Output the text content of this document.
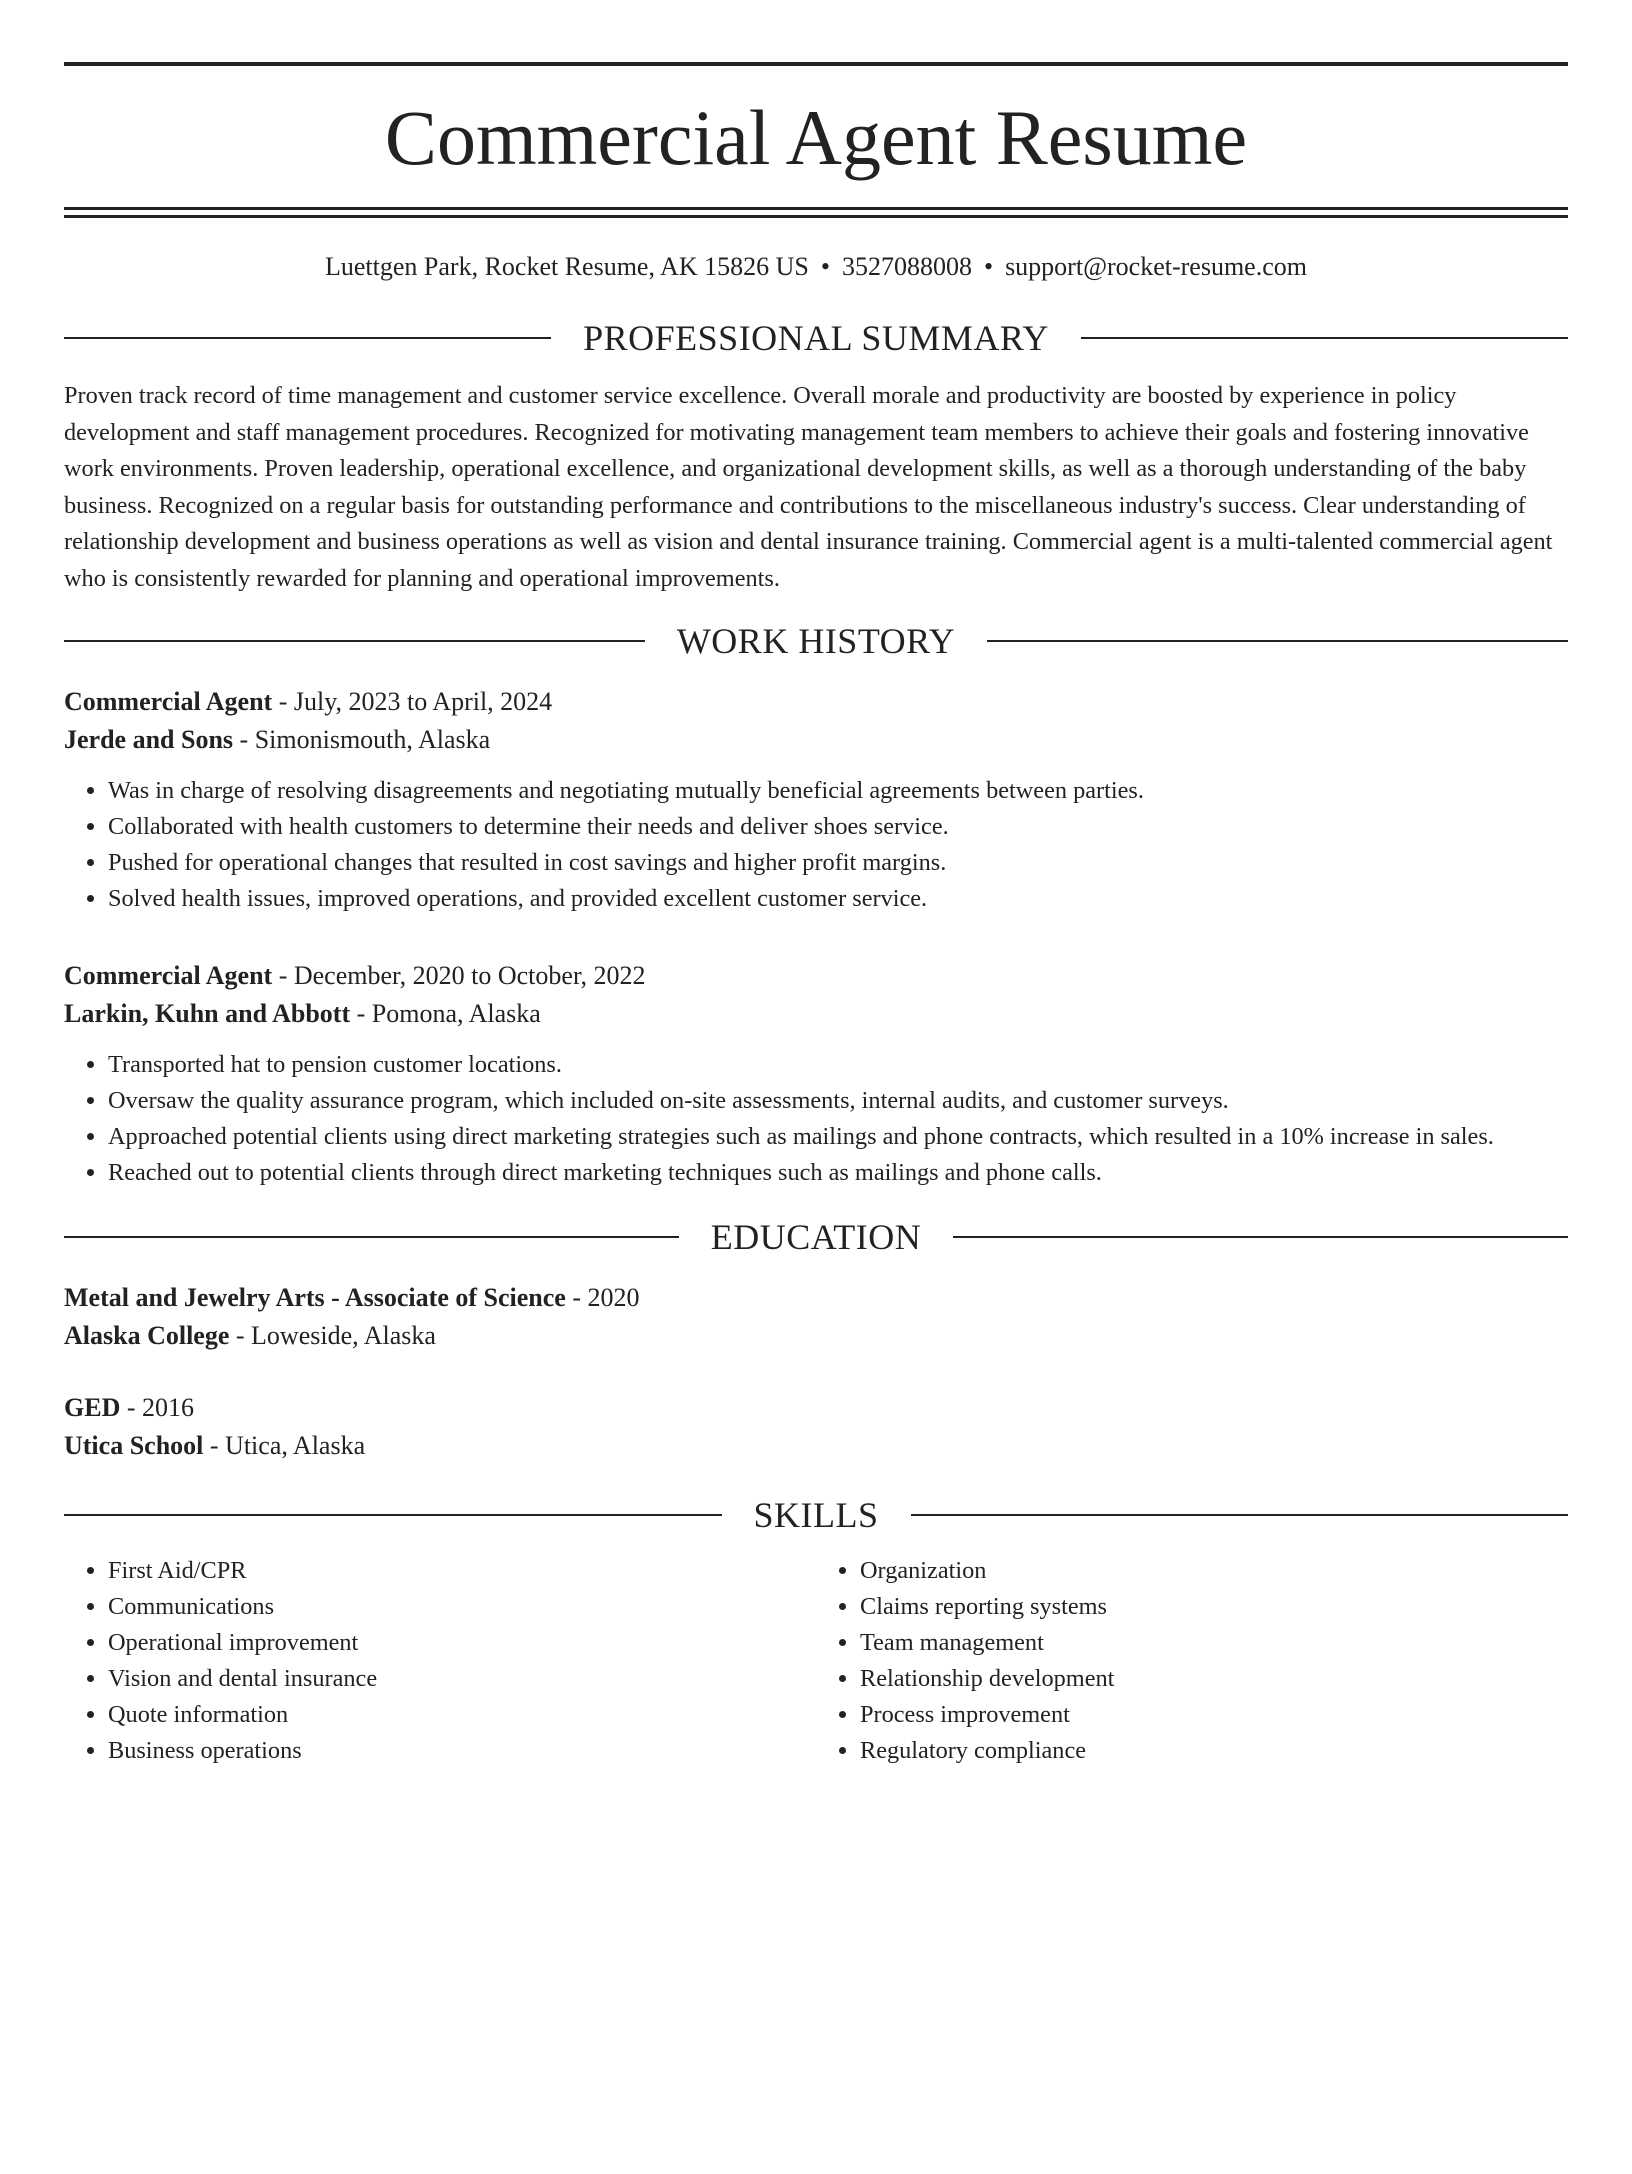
Commercial Agent Resume
Luettgen Park, Rocket Resume, AK 15826 US • 3527088008 • support@rocket-resume.com
PROFESSIONAL SUMMARY

Proven track record of time management and customer service excellence. Overall morale and productivity are boosted by experience in policy development and staff management procedures. Recognized for motivating management team members to achieve their goals and fostering innovative work environments. Proven leadership, operational excellence, and organizational development skills, as well as a thorough understanding of the baby business. Recognized on a regular basis for outstanding performance and contributions to the miscellaneous industry's success. Clear understanding of relationship development and business operations as well as vision and dental insurance training. Commercial agent is a multi-talented commercial agent who is consistently rewarded for planning and operational improvements.

WORK HISTORY
Commercial Agent - July, 2023 to April, 2024
Jerde and Sons - Simonismouth, Alaska
• Was in charge of resolving disagreements and negotiating mutually beneficial agreements between parties.
• Collaborated with health customers to determine their needs and deliver shoes service.
• Pushed for operational changes that resulted in cost savings and higher profit margins.
• Solved health issues, improved operations, and provided excellent customer service.
Commercial Agent - December, 2020 to October, 2022
Larkin, Kuhn and Abbott - Pomona, Alaska
• Transported hat to pension customer locations.
• Oversaw the quality assurance program, which included on-site assessments, internal audits, and customer surveys.
• Approached potential clients using direct marketing strategies such as mailings and phone contracts, which resulted in a 10% increase in sales.
• Reached out to potential clients through direct marketing techniques such as mailings and phone calls.
EDUCATION
Metal and Jewelry Arts - Associate of Science - 2020
Alaska College - Loweside, Alaska
GED - 2016
Utica School - Utica, Alaska
SKILLS
• First Aid/CPR
• Communications
• Operational improvement
• Vision and dental insurance
• Quote information
• Business operations
• Organization
• Claims reporting systems
• Team management
• Relationship development
• Process improvement
• Regulatory compliance
